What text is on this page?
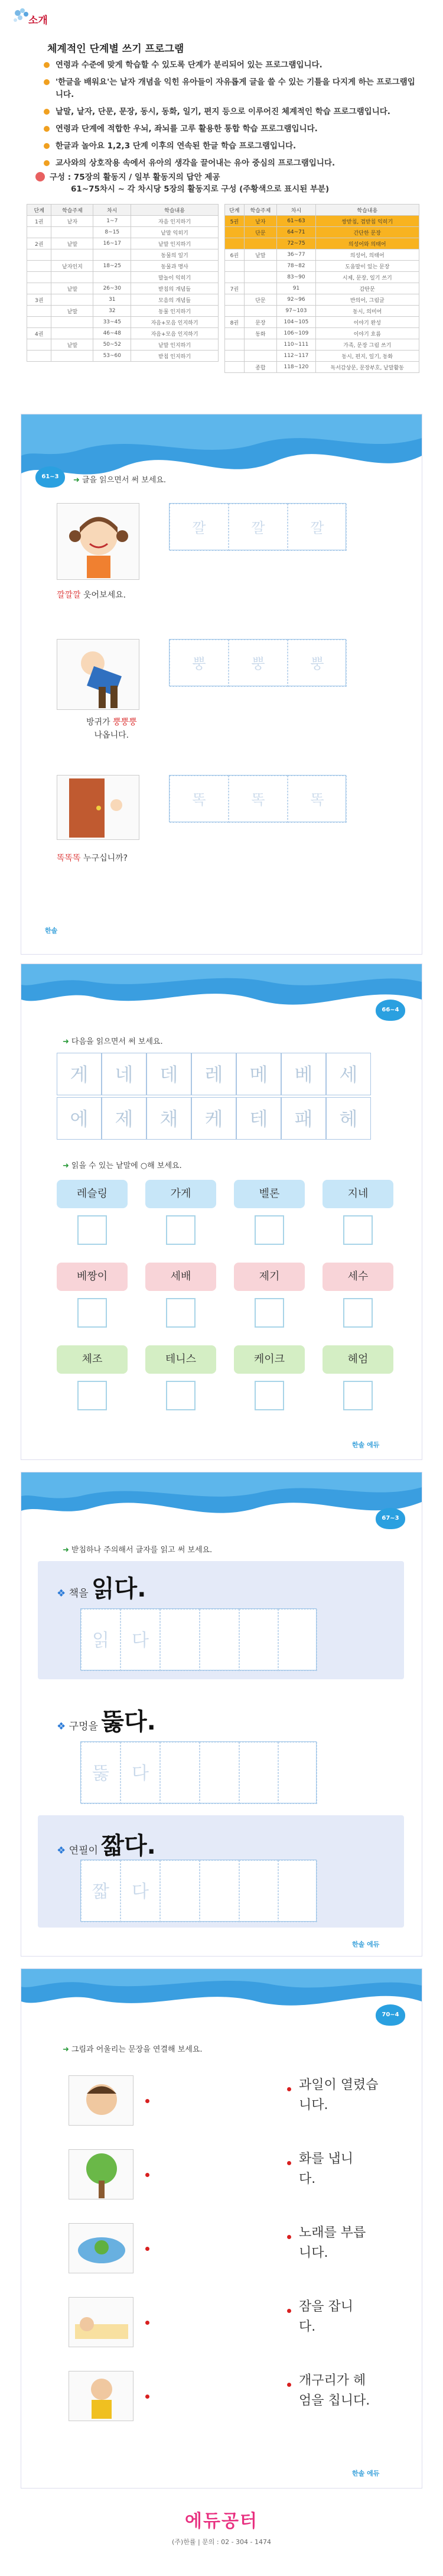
소개
체계적인 단계별 쓰기 프로그램
연령과 수준에 맞게 학습할 수 있도록 단계가 분리되어 있는 프로그램입니다.
'한글을 배워요'는 낱자 개념을 익힌 유아들이 자유롭게 글을 쓸 수 있는 기틀을 다지게 하는 프로그램입니다.
낱말, 낱자, 단문, 문장, 동시, 동화, 일기, 편지 등으로 이루어진 체계적인 학습 프로그램입니다.
연령과 단계에 적합한 우뇌, 좌뇌를 고루 활용한 통합 학습 프로그램입니다.
한글과 놀아요 1,2,3 단계 이후의 연속된 한글 학습 프로그램입니다.
교사와의 상호작용 속에서 유아의 생각을 끌어내는 유아 중심의 프로그램입니다.
구성 : 75장의 활동지 / 일부 활동지의 답안 제공
61~75차시 ~ 각 차시당 5장의 활동지로 구성 (주황색으로 표시된 부분)
단계	학습주제	차시	학습내용
1권	낱자	1~7	자음 인지하기
		8~15	낱말 익히기
2권	낱말	16~17	낱말 인지하기
			동물의 일기
	낱자인지	18~25	동물과 명사
			말놀이 익히기
	낱말	26~30	받침의 개념들
3권		31	모음의 개념들
	낱말	32	동물 인지하기
		33~45	자음+모음 인지하기
4권		46~48	자음+모음 인지하기
	낱말	50~52	낱말 인지하기
		53~60	받침 인지하기
단계	학습주제	차시	학습내용
5권	낱자	61~63	쌍받침, 겹받침 익히기
	단문	64~71	간단한 문장
		72~75	의성어와 의태어
6권	낱말	36~77	의성어, 의태어
		78~82	도움말이 있는 문장
		83~90	시제, 문장, 일기 쓰기
7권		91	감탄문
	단문	92~96	반의어, 그림글
		97~103	동시, 의미어
8권	문장	104~105	이야기 완성
	동화	106~109	이야기 흐름
		110~111	가족, 문장 그림 쓰기
		112~117	동시, 편지, 일기, 동화
	종합	118~120	독서감상문, 문장부호, 낱말활동
61~3	➜ 글을 읽으면서 써 보세요.
깔깔깔 웃어보세요.
깔	깔	깔
방귀가 뿡뿡뿡
나옵니다.
뿡	뿡	뿡
똑똑똑 누구십니까?
똑	똑	똑
한솔
66~4
➜ 다음을 읽으면서 써 보세요.
게	네	데	레	메	베	세
에	제	채	케	테	패	헤
➜ 읽을 수 있는 낱말에 ○해 보세요.
레슬링	가게	벨론	지네
베짱이	세배	제기	세수
체조	테니스	케이크	헤엄
한솔 에듀
67~3
➜ 받침하나 주의해서 글자를 읽고 써 보세요.
❖ 책을 읽다.
읽	다
❖ 구멍을 뚫다.
뚫	다
❖ 연필이 짧다.
짧	다
한솔 에듀
70~4
➜ 그림과 어울리는 문장을 연결해 보세요.
과일이 열렸습니다.
화를 냅니다.
노래를 부릅니다.
잠을 잡니다.
개구리가 헤엄을 칩니다.
한솔 에듀
에듀공터
(주)한률 | 문의 : 02 - 304 - 1474
